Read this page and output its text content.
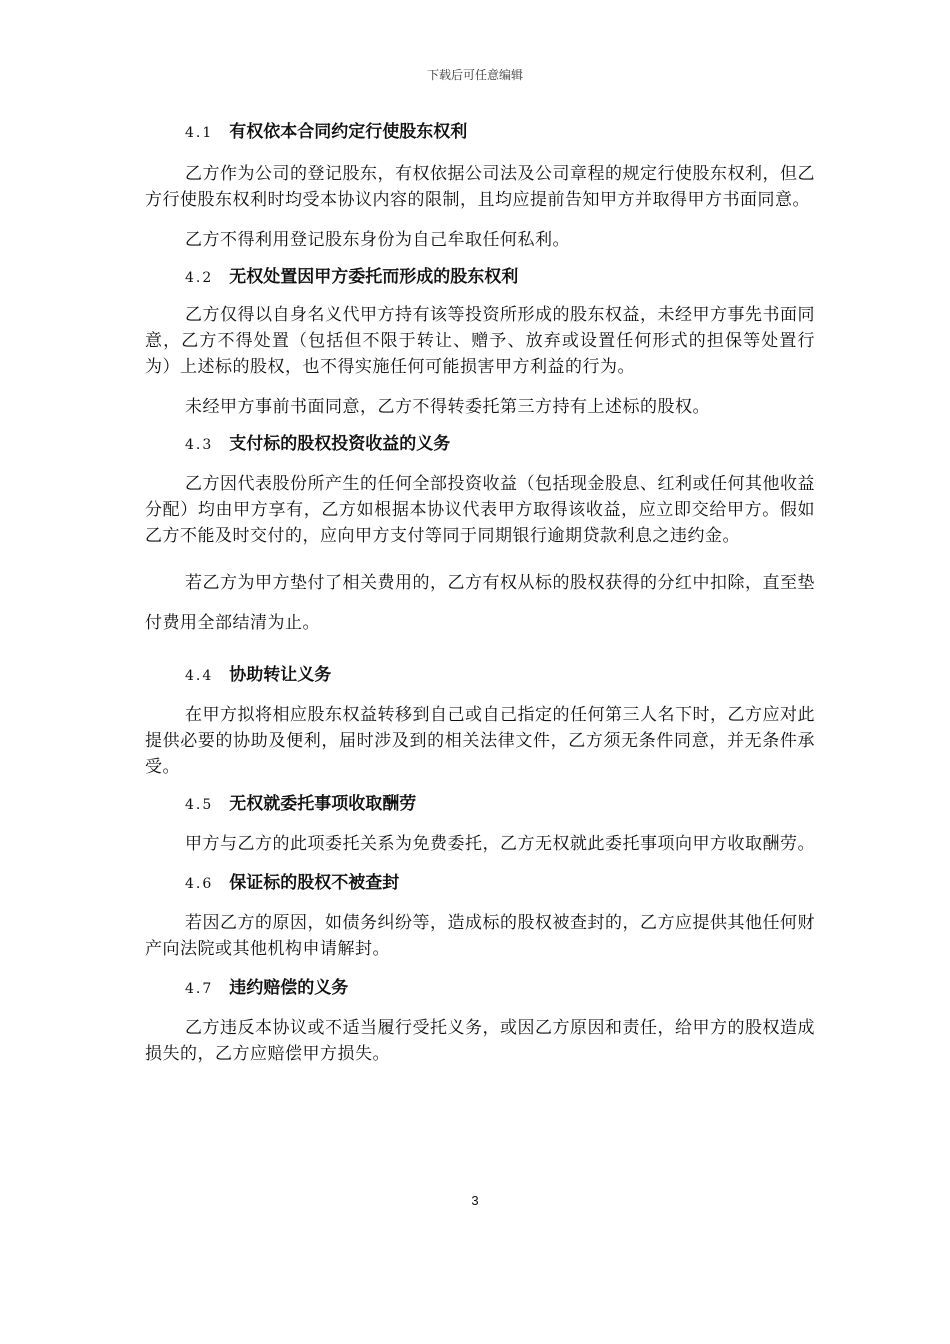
下载后可任意编辑

4.1 有权依本合同约定行使股东权利

乙方作为公司的登记股东，有权依据公司法及公司章程的规定行使股东权利，但乙方行使股东权利时均受本协议内容的限制，且均应提前告知甲方并取得甲方书面同意。

乙方不得利用登记股东身份为自己牟取任何私利。

4.2 无权处置因甲方委托而形成的股东权利

乙方仅得以自身名义代甲方持有该等投资所形成的股东权益，未经甲方事先书面同意，乙方不得处置（包括但不限于转让、赠予、放弃或设置任何形式的担保等处置行为）上述标的股权，也不得实施任何可能损害甲方利益的行为。

未经甲方事前书面同意，乙方不得转委托第三方持有上述标的股权。

4.3 支付标的股权投资收益的义务

乙方因代表股份所产生的任何全部投资收益（包括现金股息、红利或任何其他收益分配）均由甲方享有，乙方如根据本协议代表甲方取得该收益，应立即交给甲方。假如乙方不能及时交付的，应向甲方支付等同于同期银行逾期贷款利息之违约金。

若乙方为甲方垫付了相关费用的，乙方有权从标的股权获得的分红中扣除，直至垫付费用全部结清为止。

4.4 协助转让义务

在甲方拟将相应股东权益转移到自己或自己指定的任何第三人名下时，乙方应对此提供必要的协助及便利，届时涉及到的相关法律文件，乙方须无条件同意，并无条件承受。

4.5 无权就委托事项收取酬劳

甲方与乙方的此项委托关系为免费委托，乙方无权就此委托事项向甲方收取酬劳。

4.6 保证标的股权不被查封

若因乙方的原因，如债务纠纷等，造成标的股权被查封的，乙方应提供其他任何财产向法院或其他机构申请解封。

4.7 违约赔偿的义务

乙方违反本协议或不适当履行受托义务，或因乙方原因和责任，给甲方的股权造成损失的，乙方应赔偿甲方损失。

3
